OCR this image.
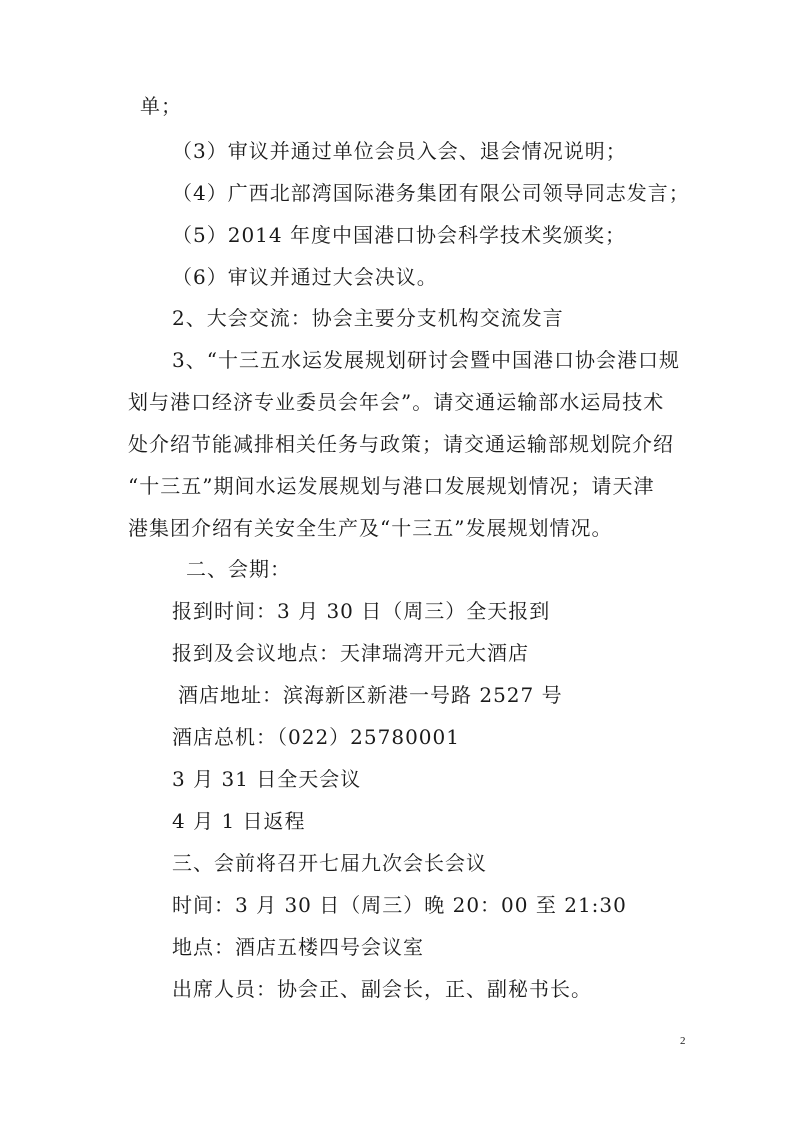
单；
（3）审议并通过单位会员入会、退会情况说明；
（4）广西北部湾国际港务集团有限公司领导同志发言；
（5）2014 年度中国港口协会科学技术奖颁奖；
（6）审议并通过大会决议。
2、大会交流：协会主要分支机构交流发言
3、“十三五水运发展规划研讨会暨中国港口协会港口规
划与港口经济专业委员会年会”。请交通运输部水运局技术
处介绍节能减排相关任务与政策；请交通运输部规划院介绍
“十三五”期间水运发展规划与港口发展规划情况；请天津
港集团介绍有关安全生产及“十三五”发展规划情况。
二、会期：
报到时间：3 月 30 日（周三）全天报到
报到及会议地点：天津瑞湾开元大酒店
酒店地址：滨海新区新港一号路 2527 号
酒店总机：（022）25780001
3 月 31 日全天会议
4 月 1 日返程
三、会前将召开七届九次会长会议
时间：3 月 30 日（周三）晚 20：00 至 21:30
地点：酒店五楼四号会议室
出席人员：协会正、副会长，正、副秘书长。
2
